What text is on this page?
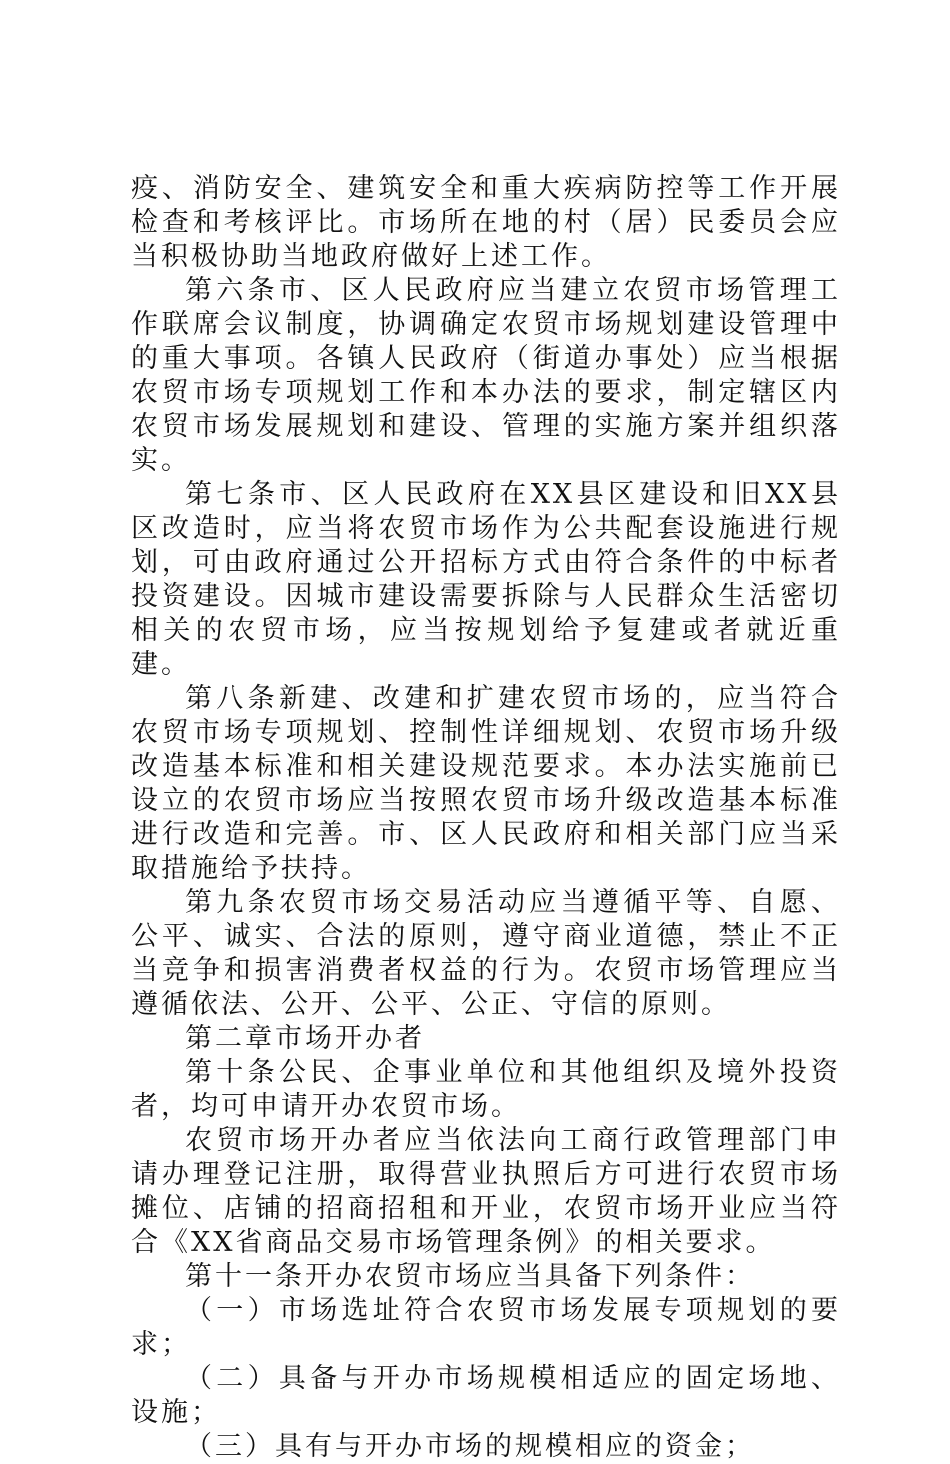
疫、消防安全、建筑安全和重大疾病防控等工作开展检查和考核评比。市场所在地的村（居）民委员会应当积极协助当地政府做好上述工作。

第六条市、区人民政府应当建立农贸市场管理工作联席会议制度，协调确定农贸市场规划建设管理中的重大事项。各镇人民政府（街道办事处）应当根据农贸市场专项规划工作和本办法的要求，制定辖区内农贸市场发展规划和建设、管理的实施方案并组织落实。

第七条市、区人民政府在XX县区建设和旧XX县区改造时，应当将农贸市场作为公共配套设施进行规划，可由政府通过公开招标方式由符合条件的中标者投资建设。因城市建设需要拆除与人民群众生活密切相关的农贸市场，应当按规划给予复建或者就近重建。

第八条新建、改建和扩建农贸市场的，应当符合农贸市场专项规划、控制性详细规划、农贸市场升级改造基本标准和相关建设规范要求。本办法实施前已设立的农贸市场应当按照农贸市场升级改造基本标准进行改造和完善。市、区人民政府和相关部门应当采取措施给予扶持。

第九条农贸市场交易活动应当遵循平等、自愿、公平、诚实、合法的原则，遵守商业道德，禁止不正当竞争和损害消费者权益的行为。农贸市场管理应当遵循依法、公开、公平、公正、守信的原则。

第二章市场开办者

第十条公民、企事业单位和其他组织及境外投资者，均可申请开办农贸市场。

农贸市场开办者应当依法向工商行政管理部门申请办理登记注册，取得营业执照后方可进行农贸市场摊位、店铺的招商招租和开业，农贸市场开业应当符合《XX省商品交易市场管理条例》的相关要求。

第十一条开办农贸市场应当具备下列条件：

（一）市场选址符合农贸市场发展专项规划的要求；

（二）具备与开办市场规模相适应的固定场地、设施；

（三）具有与开办市场的规模相应的资金；
